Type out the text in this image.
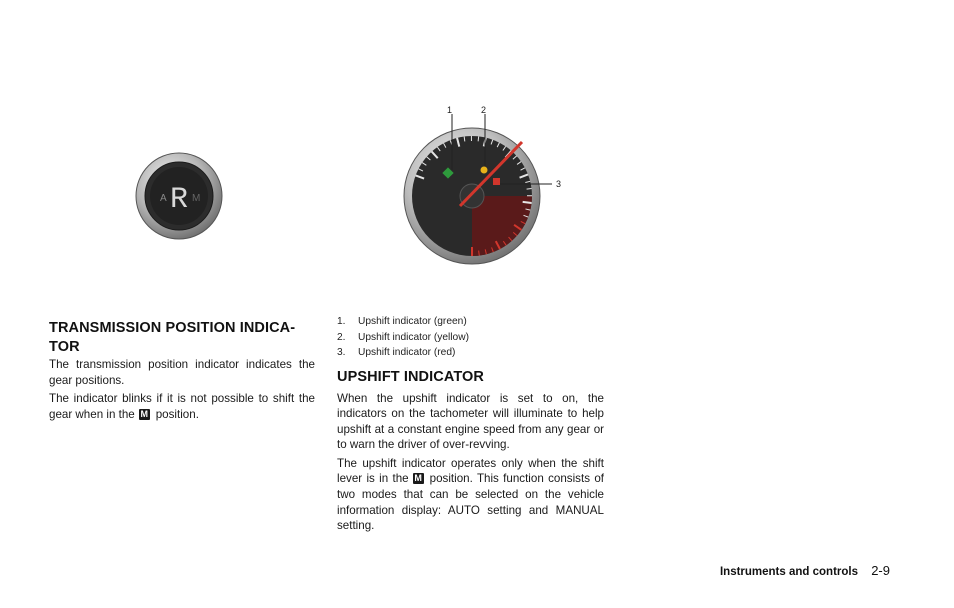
A R M
1	2
3
TRANSMISSION POSITION INDICA-
TOR

The transmission position indicator indicates the gear positions.

The indicator blinks if it is not possible to shift the gear when in the M position.

1. Upshift indicator (green)
2. Upshift indicator (yellow)
3. Upshift indicator (red)
UPSHIFT INDICATOR

When the upshift indicator is set to on, the indicators on the tachometer will illuminate to help upshift at a constant engine speed from any gear or to warn the driver of over-revving.

The upshift indicator operates only when the shift lever is in the M position. This function consists of two modes that can be selected on the vehicle information display: AUTO setting and MANUAL setting.

Instruments and controls 2-9
